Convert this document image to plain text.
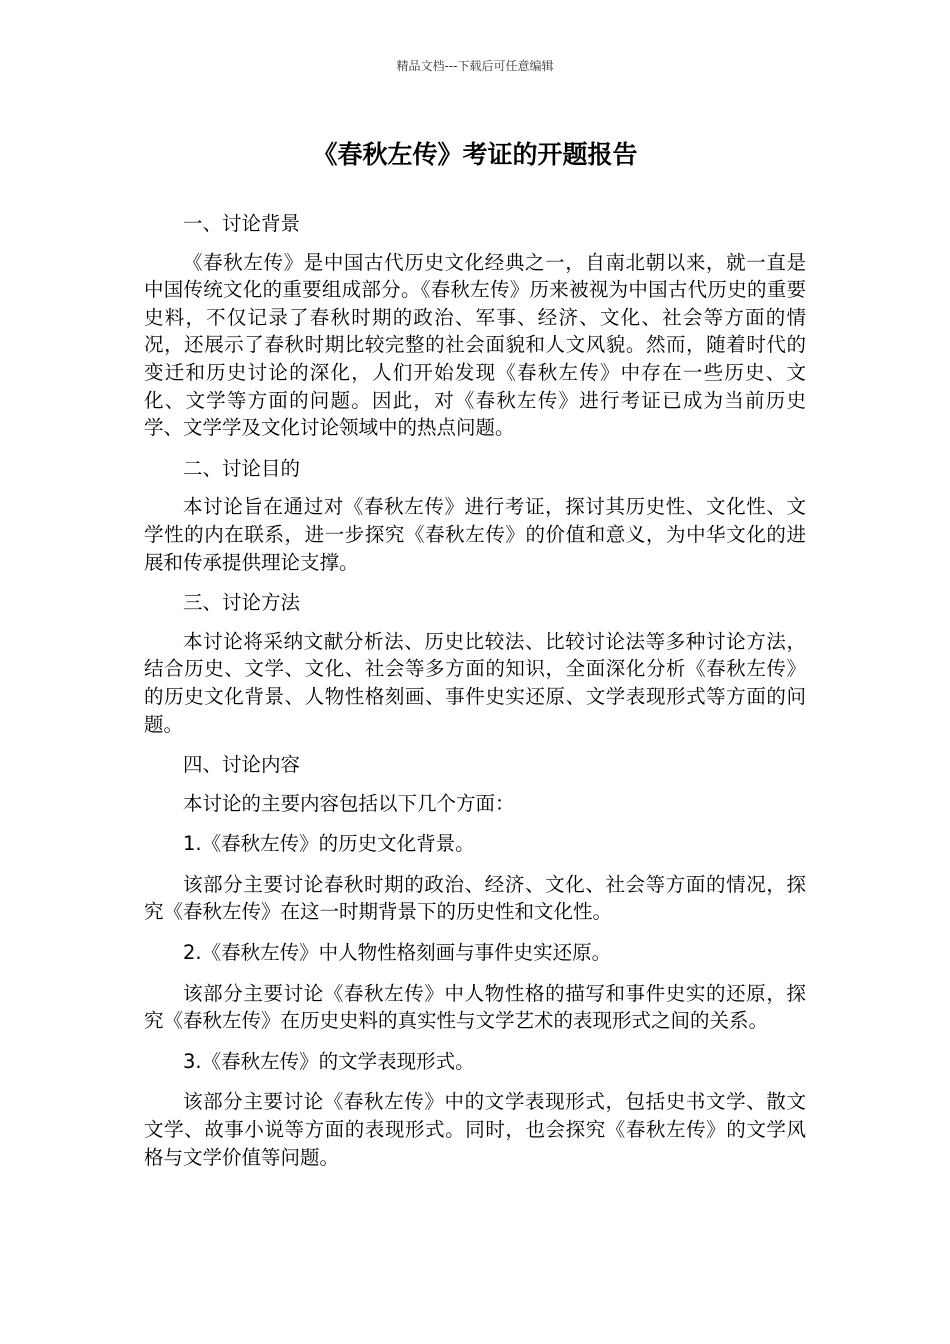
精品文档---下载后可任意编辑
《春秋左传》考证的开题报告

一、讨论背景

《春秋左传》是中国古代历史文化经典之一，自南北朝以来，就一直是中国传统文化的重要组成部分。《春秋左传》历来被视为中国古代历史的重要史料，不仅记录了春秋时期的政治、军事、经济、文化、社会等方面的情况，还展示了春秋时期比较完整的社会面貌和人文风貌。然而，随着时代的变迁和历史讨论的深化，人们开始发现《春秋左传》中存在一些历史、文化、文学等方面的问题。因此，对《春秋左传》进行考证已成为当前历史学、文学学及文化讨论领域中的热点问题。

二、讨论目的

本讨论旨在通过对《春秋左传》进行考证，探讨其历史性、文化性、文学性的内在联系，进一步探究《春秋左传》的价值和意义，为中华文化的进展和传承提供理论支撑。

三、讨论方法

本讨论将采纳文献分析法、历史比较法、比较讨论法等多种讨论方法，结合历史、文学、文化、社会等多方面的知识，全面深化分析《春秋左传》的历史文化背景、人物性格刻画、事件史实还原、文学表现形式等方面的问题。

四、讨论内容

本讨论的主要内容包括以下几个方面：

1.《春秋左传》的历史文化背景。

该部分主要讨论春秋时期的政治、经济、文化、社会等方面的情况，探究《春秋左传》在这一时期背景下的历史性和文化性。

2.《春秋左传》中人物性格刻画与事件史实还原。

该部分主要讨论《春秋左传》中人物性格的描写和事件史实的还原，探究《春秋左传》在历史史料的真实性与文学艺术的表现形式之间的关系。

3.《春秋左传》的文学表现形式。

该部分主要讨论《春秋左传》中的文学表现形式，包括史书文学、散文文学、故事小说等方面的表现形式。同时，也会探究《春秋左传》的文学风格与文学价值等问题。
